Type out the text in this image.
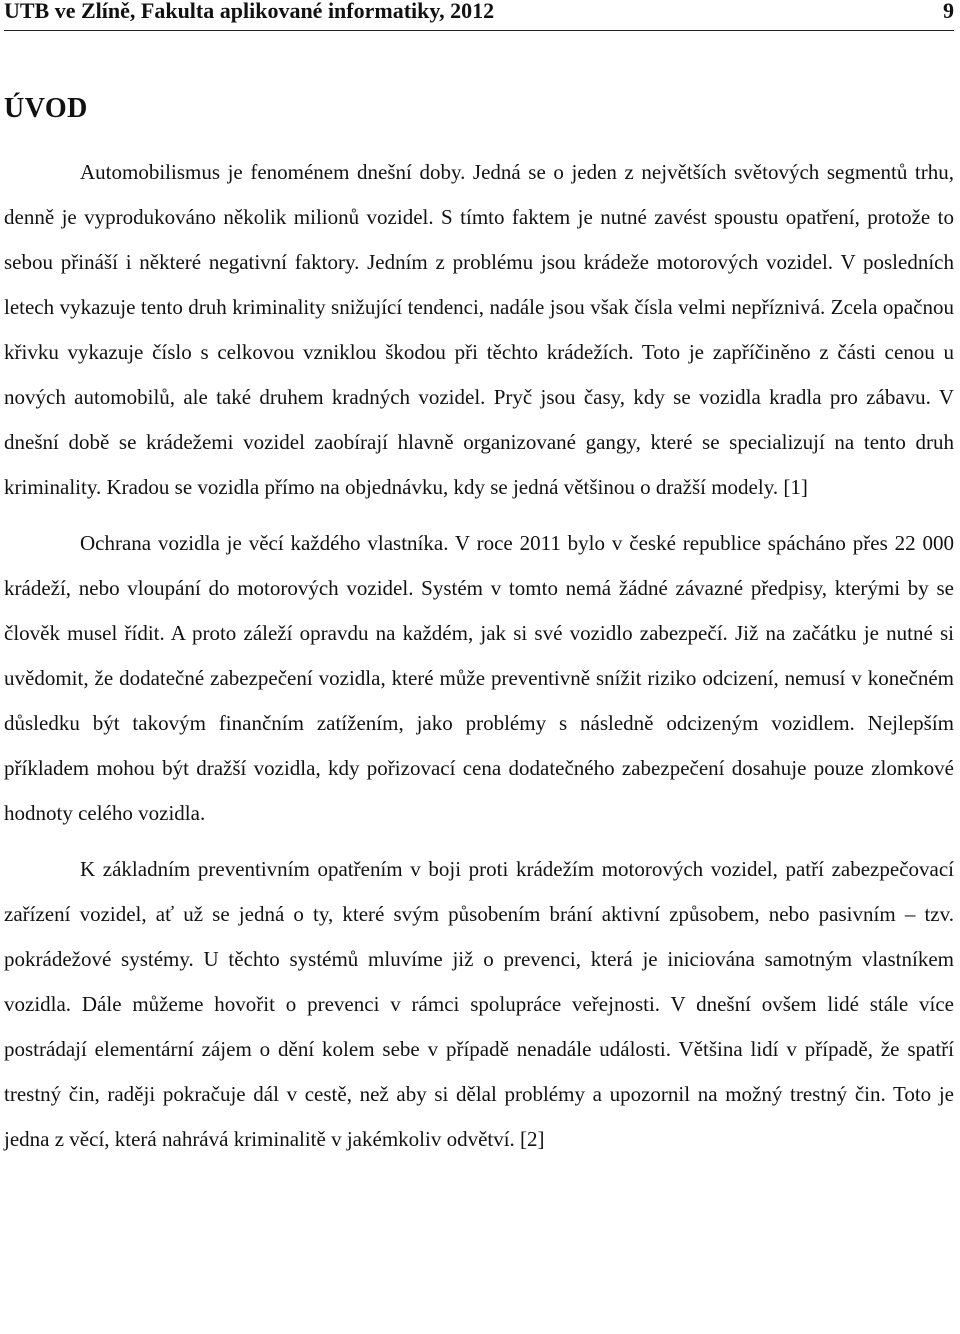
UTB ve Zlíně, Fakulta aplikované informatiky, 2012	9
ÚVOD

Automobilismus je fenoménem dnešní doby. Jedná se o jeden z největších světových segmentů trhu, denně je vyprodukováno několik milionů vozidel. S tímto faktem je nutné zavést spoustu opatření, protože to sebou přináší i některé negativní faktory. Jedním z problému jsou krádeže motorových vozidel. V posledních letech vykazuje tento druh kriminality snižující tendenci, nadále jsou však čísla velmi nepříznivá. Zcela opačnou křivku vykazuje číslo s celkovou vzniklou škodou při těchto krádežích. Toto je zapříčiněno z části cenou u nových automobilů, ale také druhem kradných vozidel. Pryč jsou časy, kdy se vozidla kradla pro zábavu. V dnešní době se krádežemi vozidel zaobírají hlavně organizované gangy, které se specializují na tento druh kriminality. Kradou se vozidla přímo na objednávku, kdy se jedná většinou o dražší modely. [1]

Ochrana vozidla je věcí každého vlastníka. V roce 2011 bylo v české republice spácháno přes 22 000 krádeží, nebo vloupání do motorových vozidel. Systém v tomto nemá žádné závazné předpisy, kterými by se člověk musel řídit. A proto záleží opravdu na každém, jak si své vozidlo zabezpečí. Již na začátku je nutné si uvědomit, že dodatečné zabezpečení vozidla, které může preventivně snížit riziko odcizení, nemusí v konečném důsledku být takovým finančním zatížením, jako problémy s následně odcizeným vozidlem. Nejlepším příkladem mohou být dražší vozidla, kdy pořizovací cena dodatečného zabezpečení dosahuje pouze zlomkové hodnoty celého vozidla.

K základním preventivním opatřením v boji proti krádežím motorových vozidel, patří zabezpečovací zařízení vozidel, ať už se jedná o ty, které svým působením brání aktivní způsobem, nebo pasivním – tzv. pokrádežové systémy. U těchto systémů mluvíme již o prevenci, která je iniciována samotným vlastníkem vozidla. Dále můžeme hovořit o prevenci v rámci spolupráce veřejnosti. V dnešní ovšem lidé stále více postrádají elementární zájem o dění kolem sebe v případě nenadále události. Většina lidí v případě, že spatří trestný čin, raději pokračuje dál v cestě, než aby si dělal problémy a upozornil na možný trestný čin. Toto je jedna z věcí, která nahrává kriminalitě v jakémkoliv odvětví. [2]
